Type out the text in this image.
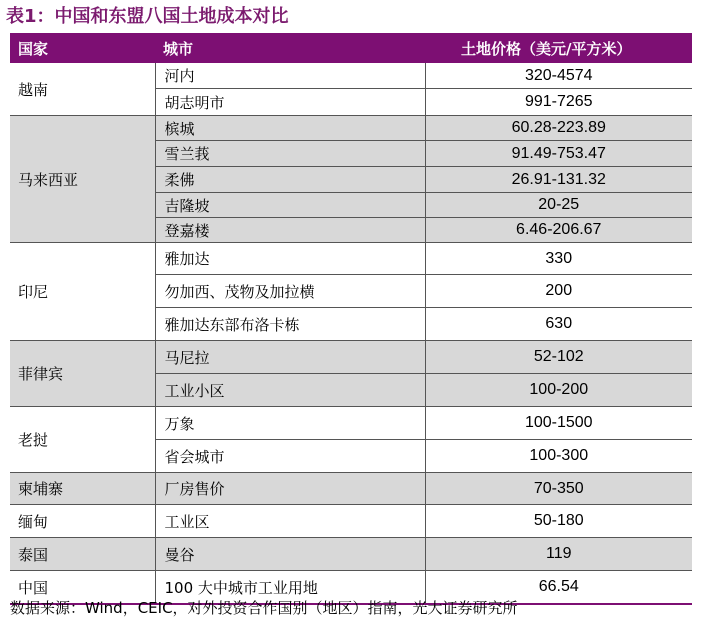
表1：中国和东盟八国土地成本对比
国家	城市	土地价格（美元/平方米）
越南	河内	320-4574
	胡志明市	991-7265
马来西亚	槟城	60.28-223.89
	雪兰莪	91.49-753.47
	柔佛	26.91-131.32
	吉隆坡	20-25
	登嘉楼	6.46-206.67
印尼	雅加达	330
	勿加西、茂物及加拉横	200
	雅加达东部布洛卡栋	630
菲律宾	马尼拉	52-102
	工业小区	100-200
老挝	万象	100-1500
	省会城市	100-300
柬埔寨	厂房售价	70-350
缅甸	工业区	50-180
泰国	曼谷	119
中国	100 大中城市工业用地	66.54
数据来源：Wind，CEIC，对外投资合作国别（地区）指南，光大证券研究所
